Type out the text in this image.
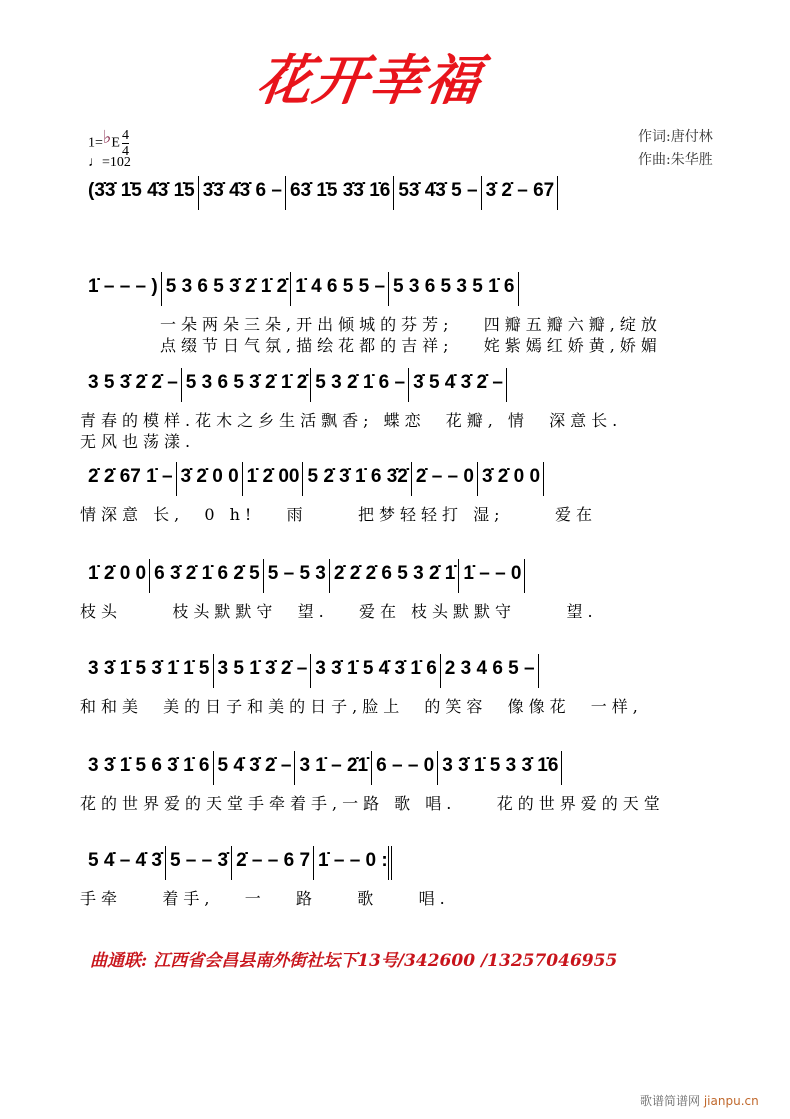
花开幸福
1=♭E $\frac{4}{4}$
♩=102
作词:唐付林
作曲:朱华胜
(3̇3̇ 1̇5 4̇3̇ 1̇5 3̇3̇ 4̇3̇ 6 – 63̇ 1̇5 3̇3̇ 1̇6 53̇ 4̇3̇ 5 – 3̇ 2̇ – 67
1̇ – – – ) 5 3 6 5 3̇ 2̇ 1̇ 2̇ 1̇ 4 6 5 5 – 5 3 6 5 3 5 1̇ 6
一朵两朵三朵,开出倾城的芬芳;   四瓣五瓣六瓣,绽放
点缀节日气氛,描绘花都的吉祥;   姹紫嫣红娇黄,娇媚
3 5 3̇ 2̇ 2̇ – 5 3 6 5 3̇ 2̇ 1̇ 2̇ 5 3 2̇ 1̇ 6 – 3̇ 5 4̇ 3̇ 2̇ –
青春的模样.花木之乡生活飘香; 蝶恋  花瓣, 情  深意长.
无风也荡漾.
2̇ 2̇ 67 1̇ – 3̇ 2̇ 0 0 1̇ 2̇ 00 5 2̇ 3̇ 1̇ 6 3̇2̇ 2̇ – – 0 3̇ 2̇ 0 0
情深意 长,  0 h!   雨     把梦轻轻打 湿;     爱在
1̇ 2̇ 0 0 6 3̇ 2̇ 1̇ 6 2̇ 5 5 – 5 3 2̇ 2̇ 2̇ 6 5 3 2̇ 1̇ 1̇ – – 0
枝头     枝头默默守  望.   爱在 枝头默默守     望.
3 3̇ 1̇ 5 3̇ 1̇ 1̇ 5 3 5 1̇ 3̇ 2̇ – 3 3̇ 1̇ 5 4̇ 3̇ 1̇ 6 2 3 4 6 5 –
和和美  美的日子和美的日子,脸上  的笑容  像像花  一样,
3 3̇ 1̇ 5 6 3̇ 1̇ 6 5 4̇ 3̇ 2̇ – 3 1̇ – 2̇1̇ 6 – – 0 3 3̇ 1̇ 5 3 3̇ 1̇6
花的世界爱的天堂手牵着手,一路 歌 唱.    花的世界爱的天堂
5 4̇ – 4̇ 3̇ 5 – – 3̇ 2̇ – – 6 7 1̇ – – 0 :
手牵    着手,   一   路    歌    唱.
曲通联: 江西省会昌县南外街社坛下13号/342600 /13257046955
歌谱简谱网 jianpu.cn
